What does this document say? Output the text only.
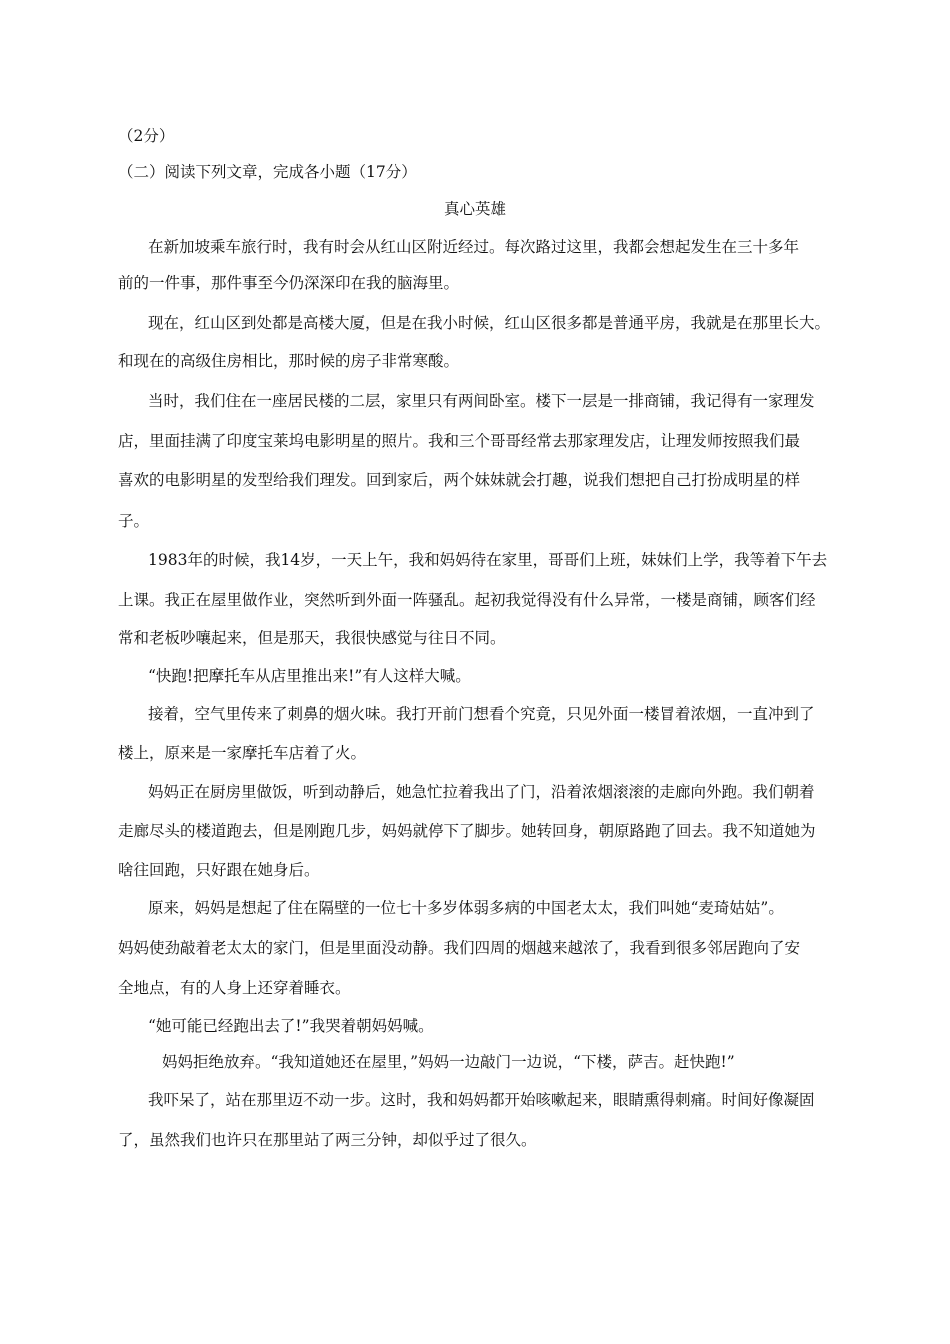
（2分）
（二）阅读下列文章，完成各小题（17分）
真心英雄
在新加坡乘车旅行时，我有时会从红山区附近经过。每次路过这里，我都会想起发生在三十多年
前的一件事，那件事至今仍深深印在我的脑海里。
现在，红山区到处都是高楼大厦，但是在我小时候，红山区很多都是普通平房，我就是在那里长大。
和现在的高级住房相比，那时候的房子非常寒酸。
当时，我们住在一座居民楼的二层，家里只有两间卧室。楼下一层是一排商铺，我记得有一家理发
店，里面挂满了印度宝莱坞电影明星的照片。我和三个哥哥经常去那家理发店，让理发师按照我们最
喜欢的电影明星的发型给我们理发。回到家后，两个妹妹就会打趣，说我们想把自己打扮成明星的样
子。
1983年的时候，我14岁，一天上午，我和妈妈待在家里，哥哥们上班，妹妹们上学，我等着下午去
上课。我正在屋里做作业，突然听到外面一阵骚乱。起初我觉得没有什么异常，一楼是商铺，顾客们经
常和老板吵嚷起来，但是那天，我很快感觉与往日不同。
“快跑!把摩托车从店里推出来!”有人这样大喊。
接着，空气里传来了刺鼻的烟火味。我打开前门想看个究竟，只见外面一楼冒着浓烟，一直冲到了
楼上，原来是一家摩托车店着了火。
妈妈正在厨房里做饭，听到动静后，她急忙拉着我出了门，沿着浓烟滚滚的走廊向外跑。我们朝着
走廊尽头的楼道跑去，但是刚跑几步，妈妈就停下了脚步。她转回身，朝原路跑了回去。我不知道她为
啥往回跑，只好跟在她身后。
原来，妈妈是想起了住在隔壁的一位七十多岁体弱多病的中国老太太，我们叫她“麦琦姑姑”。
妈妈使劲敲着老太太的家门，但是里面没动静。我们四周的烟越来越浓了，我看到很多邻居跑向了安
全地点，有的人身上还穿着睡衣。
“她可能已经跑出去了!”我哭着朝妈妈喊。
妈妈拒绝放弃。“我知道她还在屋里，”妈妈一边敲门一边说，“下楼，萨吉。赶快跑!”
我吓呆了，站在那里迈不动一步。这时，我和妈妈都开始咳嗽起来，眼睛熏得刺痛。时间好像凝固
了，虽然我们也许只在那里站了两三分钟，却似乎过了很久。
